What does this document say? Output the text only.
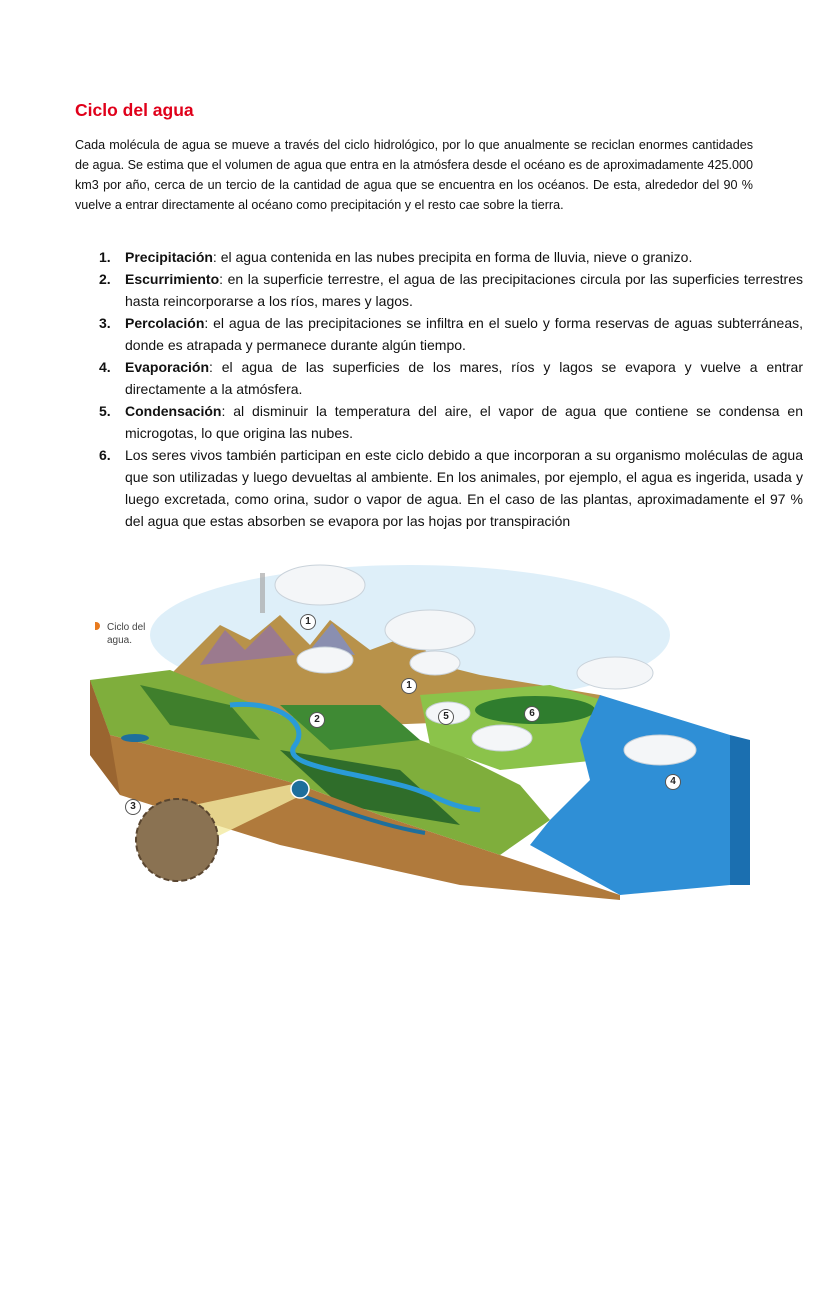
Ciclo del agua

Cada molécula de agua se mueve a través del ciclo hidrológico, por lo que anualmente se reciclan enormes cantidades de agua. Se estima que el volumen de agua que entra en la atmósfera desde el océano es de aproximadamente 425.000 km3 por año, cerca de un tercio de la cantidad de agua que se encuentra en los océanos. De esta, alrededor del 90 % vuelve a entrar directamente al océano como precipitación y el resto cae sobre la tierra.

1. Precipitación: el agua contenida en las nubes precipita en forma de lluvia, nieve o granizo.
2. Escurrimiento: en la superficie terrestre, el agua de las precipitaciones circula por las superficies terrestres hasta reincorporarse a los ríos, mares y lagos.
3. Percolación: el agua de las precipitaciones se infiltra en el suelo y forma reservas de aguas subterráneas, donde es atrapada y permanece durante algún tiempo.
4. Evaporación: el agua de las superficies de los mares, ríos y lagos se evapora y vuelve a entrar directamente a la atmósfera.
5. Condensación: al disminuir la temperatura del aire, el vapor de agua que contiene se condensa en microgotas, lo que origina las nubes.
6. Los seres vivos también participan en este ciclo debido a que incorporan a su organismo moléculas de agua que son utilizadas y luego devueltas al ambiente. En los animales, por ejemplo, el agua es ingerida, usada y luego excretada, como orina, sudor o vapor de agua. En el caso de las plantas, aproximadamente el 97 % del agua que estas absorben se evapora por las hojas por transpiración
Ciclo del
agua.
1
1
2
3
4
5	6
